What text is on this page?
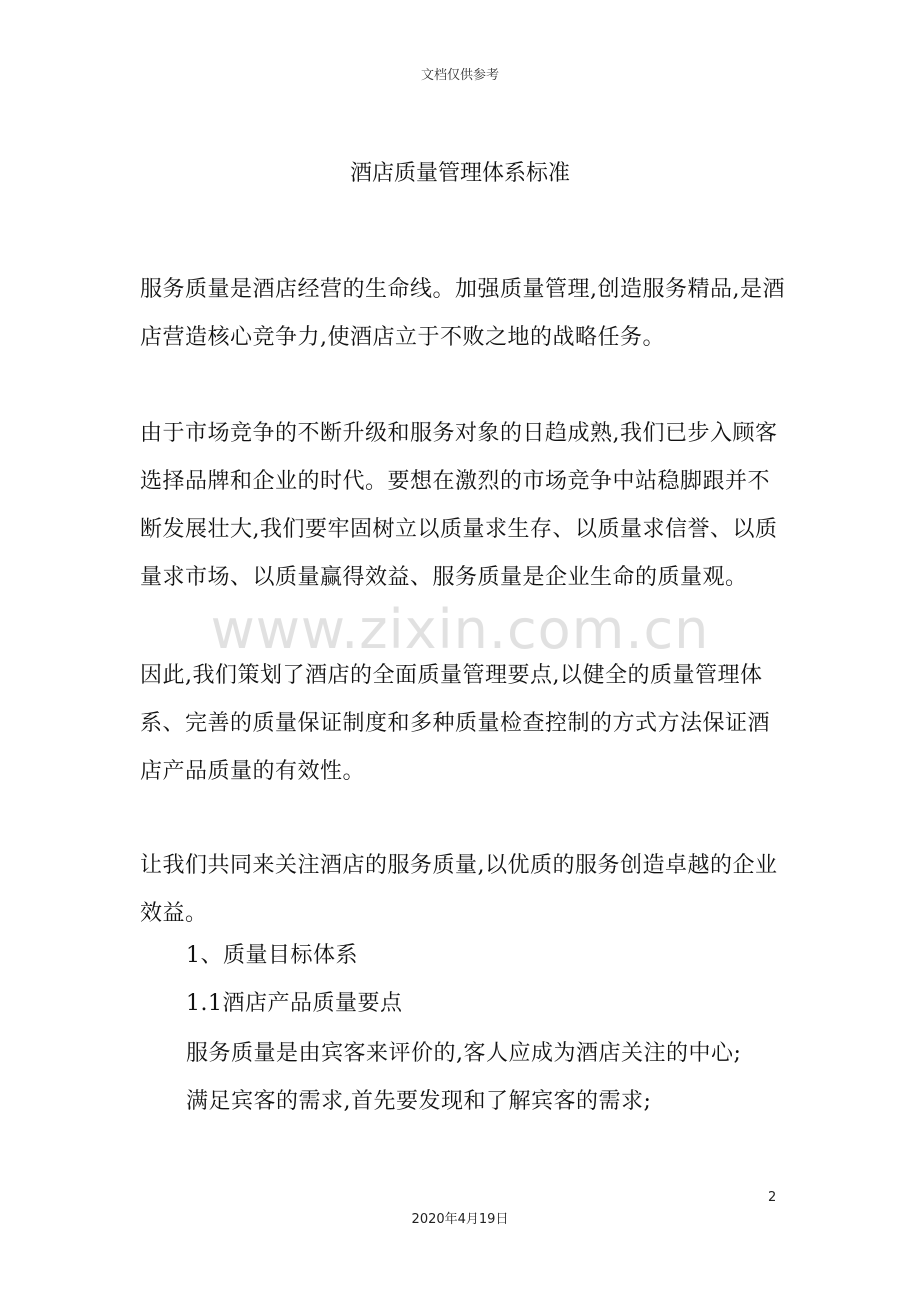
文档仅供参考
酒店质量管理体系标准

服务质量是酒店经营的生命线。加强质量管理,创造服务精品,是酒店营造核心竞争力,使酒店立于不败之地的战略任务。

由于市场竞争的不断升级和服务对象的日趋成熟,我们已步入顾客选择品牌和企业的时代。要想在激烈的市场竞争中站稳脚跟并不断发展壮大,我们要牢固树立以质量求生存、以质量求信誉、以质量求市场、以质量赢得效益、服务质量是企业生命的质量观。

因此,我们策划了酒店的全面质量管理要点,以健全的质量管理体系、完善的质量保证制度和多种质量检查控制的方式方法保证酒店产品质量的有效性。

让我们共同来关注酒店的服务质量,以优质的服务创造卓越的企业效益。

1、质量目标体系

1.1酒店产品质量要点

服务质量是由宾客来评价的,客人应成为酒店关注的中心;

满足宾客的需求,首先要发现和了解宾客的需求;

www.zixin.com.cn
2
2020年4月19日
